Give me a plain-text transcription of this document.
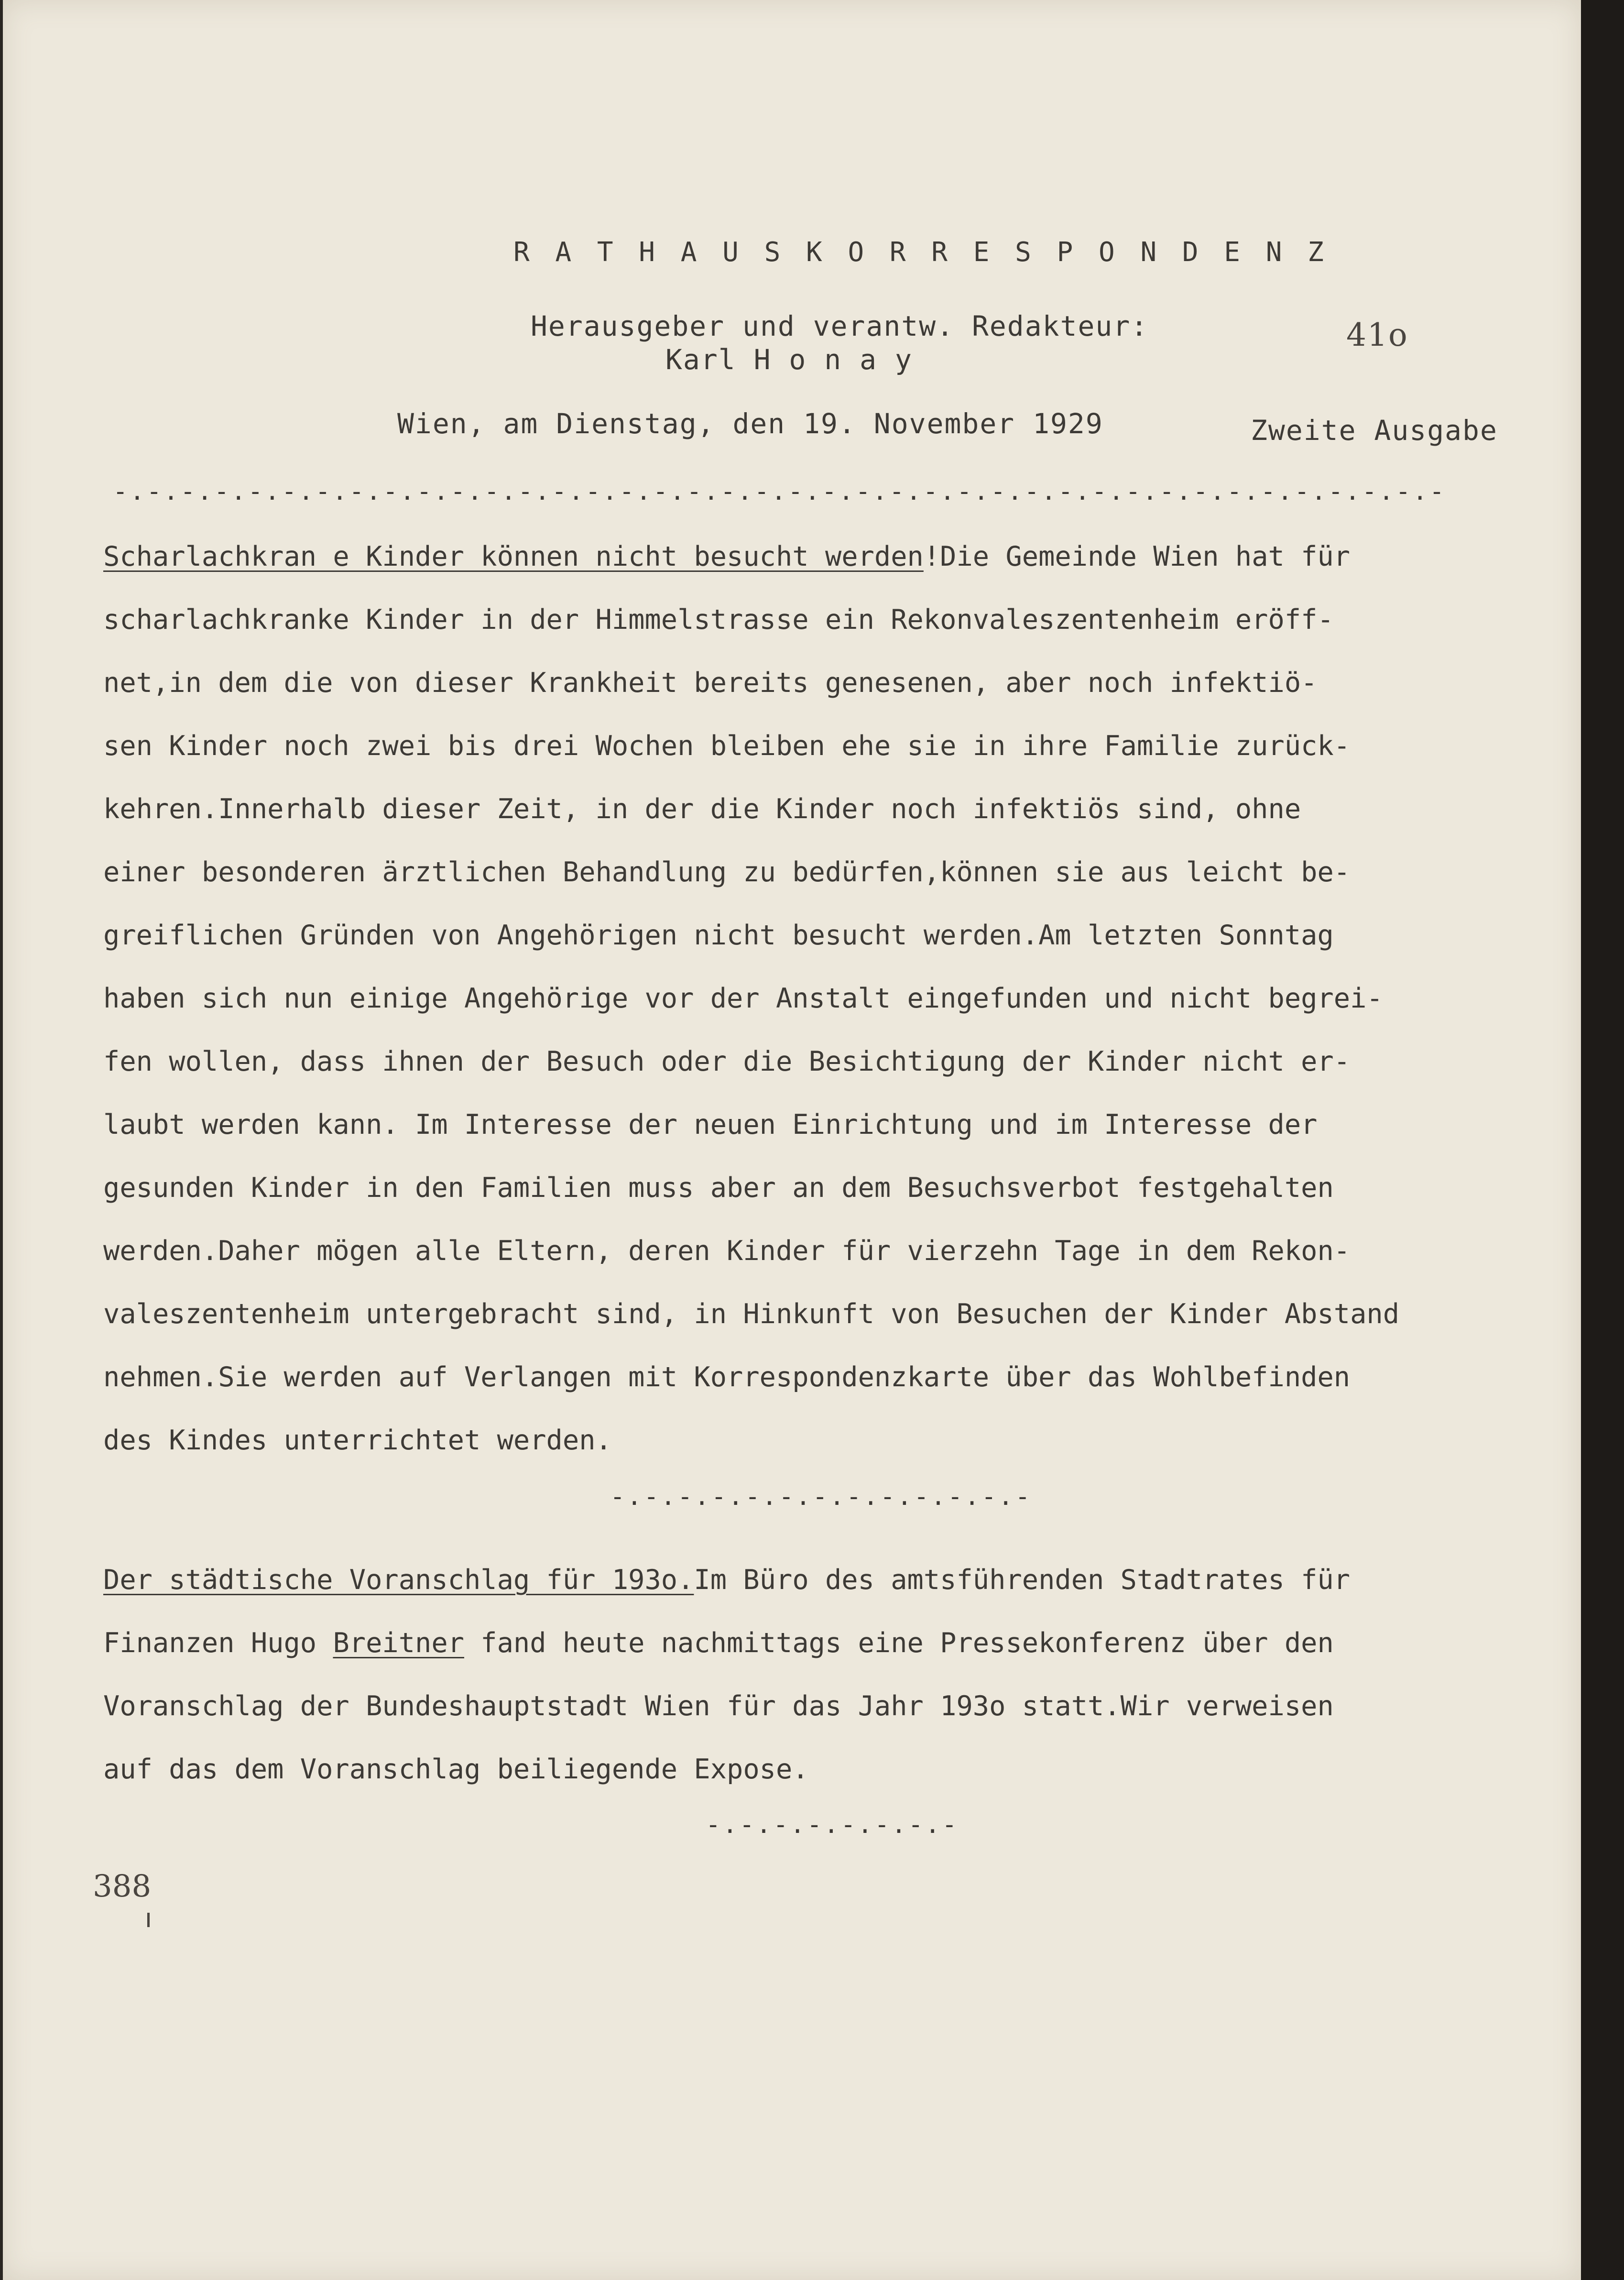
R A T H A U S K O R R E S P O N D E N Z
Herausgeber und verantw. Redakteur:
Karl H o n a y
41o
Wien, am Dienstag, den 19. November 1929	Zweite Ausgabe
-.-.-.-.-.-.-.-.-.-.-.-.-.-.-.-.-.-.-.-.-.-.-.-.-.-.-.-.-.-.-.-.-.-.-.-.-.-.-.-
Scharlachkran e Kinder können nicht besucht werden!Die Gemeinde Wien hat für
scharlachkranke Kinder in der Himmelstrasse ein Rekonvaleszentenheim eröff-
net,in dem die von dieser Krankheit bereits genesenen, aber noch infektiö-
sen Kinder noch zwei bis drei Wochen bleiben ehe sie in ihre Familie zurück-
kehren.Innerhalb dieser Zeit, in der die Kinder noch infektiös sind, ohne
einer besonderen ärztlichen Behandlung zu bedürfen,können sie aus leicht be-
greiflichen Gründen von Angehörigen nicht besucht werden.Am letzten Sonntag
haben sich nun einige Angehörige vor der Anstalt eingefunden und nicht begrei-
fen wollen, dass ihnen der Besuch oder die Besichtigung der Kinder nicht er-
laubt werden kann. Im Interesse der neuen Einrichtung und im Interesse der
gesunden Kinder in den Familien muss aber an dem Besuchsverbot festgehalten
werden.Daher mögen alle Eltern, deren Kinder für vierzehn Tage in dem Rekon-
valeszentenheim untergebracht sind, in Hinkunft von Besuchen der Kinder Abstand
nehmen.Sie werden auf Verlangen mit Korrespondenzkarte über das Wohlbefinden
des Kindes unterrichtet werden.
-.-.-.-.-.-.-.-.-.-.-.-.-
Der städtische Voranschlag für 193o.Im Büro des amtsführenden Stadtrates für
Finanzen Hugo Breitner fand heute nachmittags eine Pressekonferenz über den
Voranschlag der Bundeshauptstadt Wien für das Jahr 193o statt.Wir verweisen
auf das dem Voranschlag beiliegende Expose.
-.-.-.-.-.-.-.-
388
